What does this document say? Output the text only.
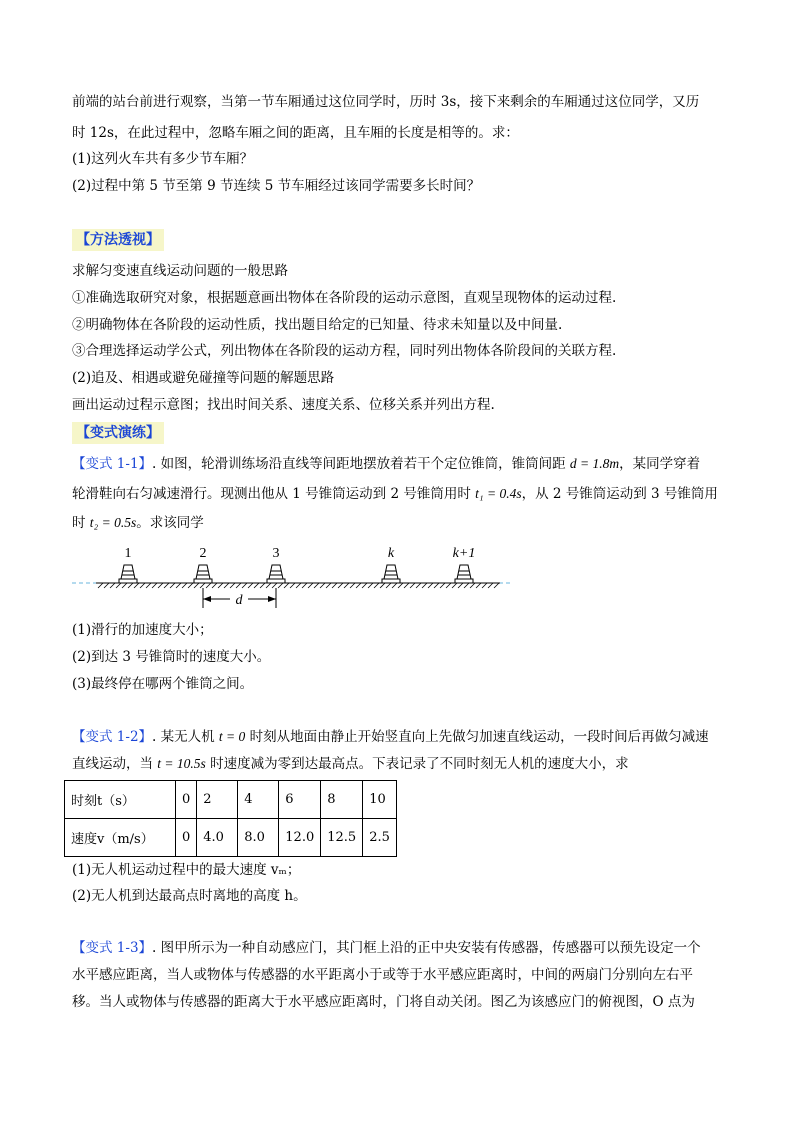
前端的站台前进行观察，当第一节车厢通过这位同学时，历时 3s，接下来剩余的车厢通过这位同学，又历
时 12s，在此过程中，忽略车厢之间的距离，且车厢的长度是相等的。求：
(1)这列火车共有多少节车厢？
(2)过程中第 5 节至第 9 节连续 5 节车厢经过该同学需要多长时间？
【方法透视】
求解匀变速直线运动问题的一般思路
①准确选取研究对象，根据题意画出物体在各阶段的运动示意图，直观呈现物体的运动过程.
②明确物体在各阶段的运动性质，找出题目给定的已知量、待求未知量以及中间量.
③合理选择运动学公式，列出物体在各阶段的运动方程，同时列出物体各阶段间的关联方程.
(2)追及、相遇或避免碰撞等问题的解题思路
画出运动过程示意图；找出时间关系、速度关系、位移关系并列出方程.
【变式演练】
【变式 1-1】. 如图，轮滑训练场沿直线等间距地摆放着若干个定位锥筒，锥筒间距 d = 1.8m，某同学穿着
轮滑鞋向右匀减速滑行。现测出他从 1 号锥筒运动到 2 号锥筒用时 t₁ = 0.4s，从 2 号锥筒运动到 3 号锥筒用
时 t₂ = 0.5s。求该同学
1	2	3	k	k+1
d
(1)滑行的加速度大小；
(2)到达 3 号锥筒时的速度大小。
(3)最终停在哪两个锥筒之间。
【变式 1-2】. 某无人机 t = 0 时刻从地面由静止开始竖直向上先做匀加速直线运动，一段时间后再做匀减速
直线运动，当 t = 10.5s 时速度减为零到达最高点。下表记录了不同时刻无人机的速度大小，求
时刻t（s）	0	2	4	6	8	10
速度v（m/s）	0	4.0	8.0	12.0	12.5	2.5
(1)无人机运动过程中的最大速度 vₘ；
(2)无人机到达最高点时离地的高度 h。
【变式 1-3】. 图甲所示为一种自动感应门，其门框上沿的正中央安装有传感器，传感器可以预先设定一个
水平感应距离，当人或物体与传感器的水平距离小于或等于水平感应距离时，中间的两扇门分别向左右平
移。当人或物体与传感器的距离大于水平感应距离时，门将自动关闭。图乙为该感应门的俯视图，O 点为
